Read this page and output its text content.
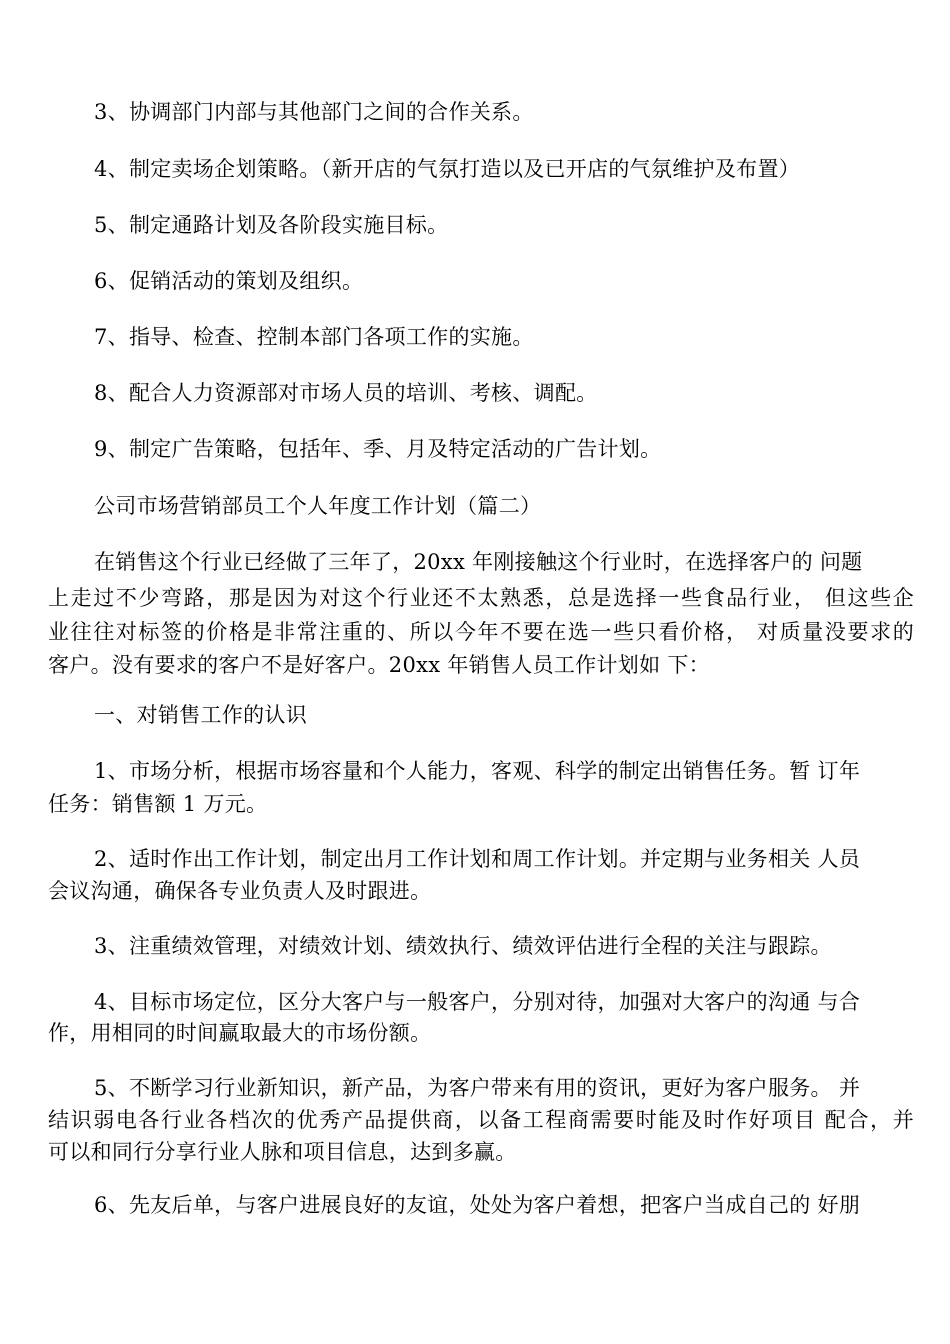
3、协调部门内部与其他部门之间的合作关系。
4、制定卖场企划策略。（新开店的气氛打造以及已开店的气氛维护及布置）
5、制定通路计划及各阶段实施目标。
6、促销活动的策划及组织。
7、指导、检查、控制本部门各项工作的实施。
8、配合人力资源部对市场人员的培训、考核、调配。
9、制定广告策略，包括年、季、月及特定活动的广告计划。
公司市场营销部员工个人年度工作计划（篇二）
在销售这个行业已经做了三年了，20xx 年刚接触这个行业时，在选择客户的 问题
上走过不少弯路，那是因为对这个行业还不太熟悉，总是选择一些食品行业， 但这些企
业往往对标签的价格是非常注重的、所以今年不要在选一些只看价格， 对质量没要求的
客户。没有要求的客户不是好客户。20xx 年销售人员工作计划如 下：
一、对销售工作的认识
1、市场分析，根据市场容量和个人能力，客观、科学的制定出销售任务。暂 订年
任务：销售额 1 万元。
2、适时作出工作计划，制定出月工作计划和周工作计划。并定期与业务相关 人员
会议沟通，确保各专业负责人及时跟进。
3、注重绩效管理，对绩效计划、绩效执行、绩效评估进行全程的关注与跟踪。
4、目标市场定位，区分大客户与一般客户，分别对待，加强对大客户的沟通 与合
作，用相同的时间赢取最大的市场份额。
5、不断学习行业新知识，新产品，为客户带来有用的资讯，更好为客户服务。 并
结识弱电各行业各档次的优秀产品提供商，以备工程商需要时能及时作好项目 配合，并
可以和同行分享行业人脉和项目信息，达到多赢。
6、先友后单，与客户进展良好的友谊，处处为客户着想，把客户当成自己的 好朋
